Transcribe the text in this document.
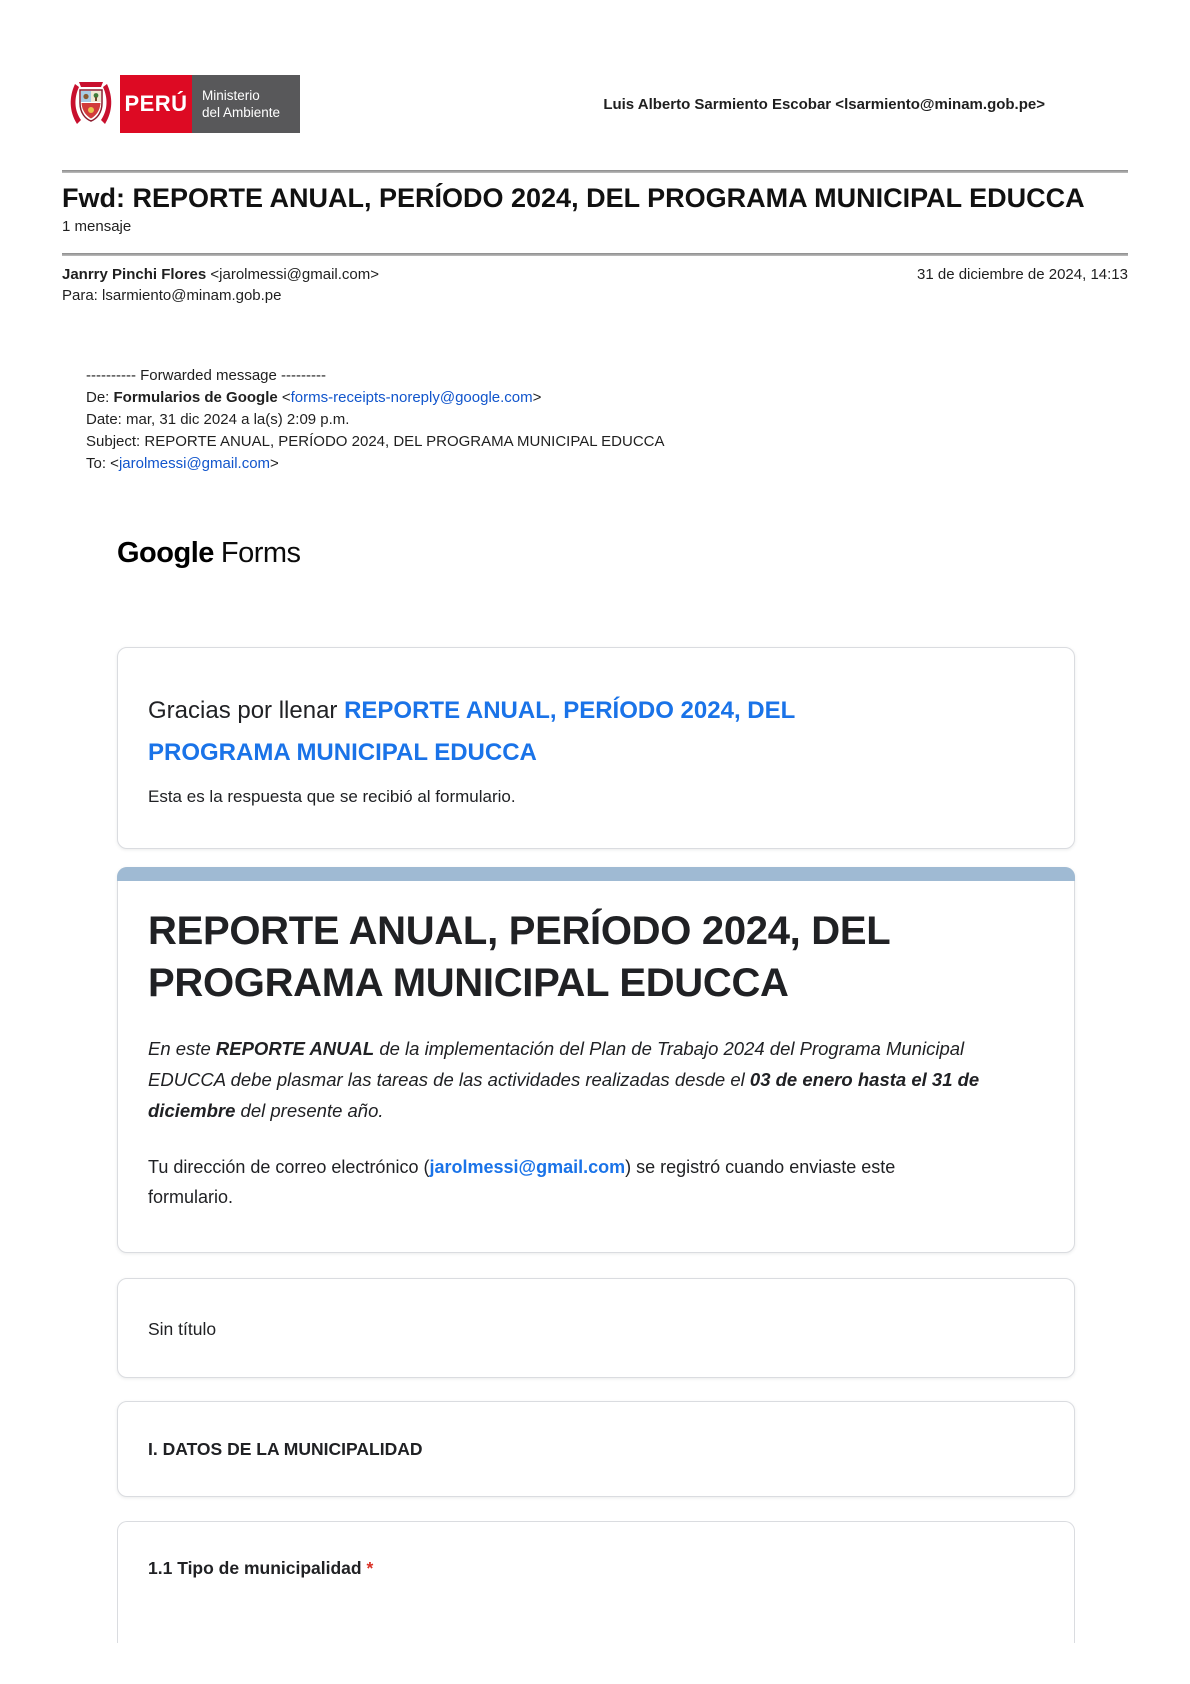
PERÚ	Ministerio
del Ambiente	Luis Alberto Sarmiento Escobar <lsarmiento@minam.gob.pe>
Fwd: REPORTE ANUAL, PERÍODO 2024, DEL PROGRAMA MUNICIPAL EDUCCA
1 mensaje
Janrry Pinchi Flores <jarolmessi@gmail.com>	31 de diciembre de 2024, 14:13
Para: lsarmiento@minam.gob.pe
---------- Forwarded message ---------
De: Formularios de Google <forms-receipts-noreply@google.com>
Date: mar, 31 dic 2024 a la(s) 2:09 p.m.
Subject: REPORTE ANUAL, PERÍODO 2024, DEL PROGRAMA MUNICIPAL EDUCCA
To: <jarolmessi@gmail.com>
Google Forms
Gracias por llenar REPORTE ANUAL, PERÍODO 2024, DEL PROGRAMA MUNICIPAL EDUCCA
Esta es la respuesta que se recibió al formulario.
REPORTE ANUAL, PERÍODO 2024, DEL PROGRAMA MUNICIPAL EDUCCA
En este REPORTE ANUAL de la implementación del Plan de Trabajo 2024 del Programa Municipal EDUCCA debe plasmar las tareas de las actividades realizadas desde el 03 de enero hasta el 31 de diciembre del presente año.
Tu dirección de correo electrónico (jarolmessi@gmail.com) se registró cuando enviaste este formulario.
Sin título
I. DATOS DE LA MUNICIPALIDAD
1.1 Tipo de municipalidad *
